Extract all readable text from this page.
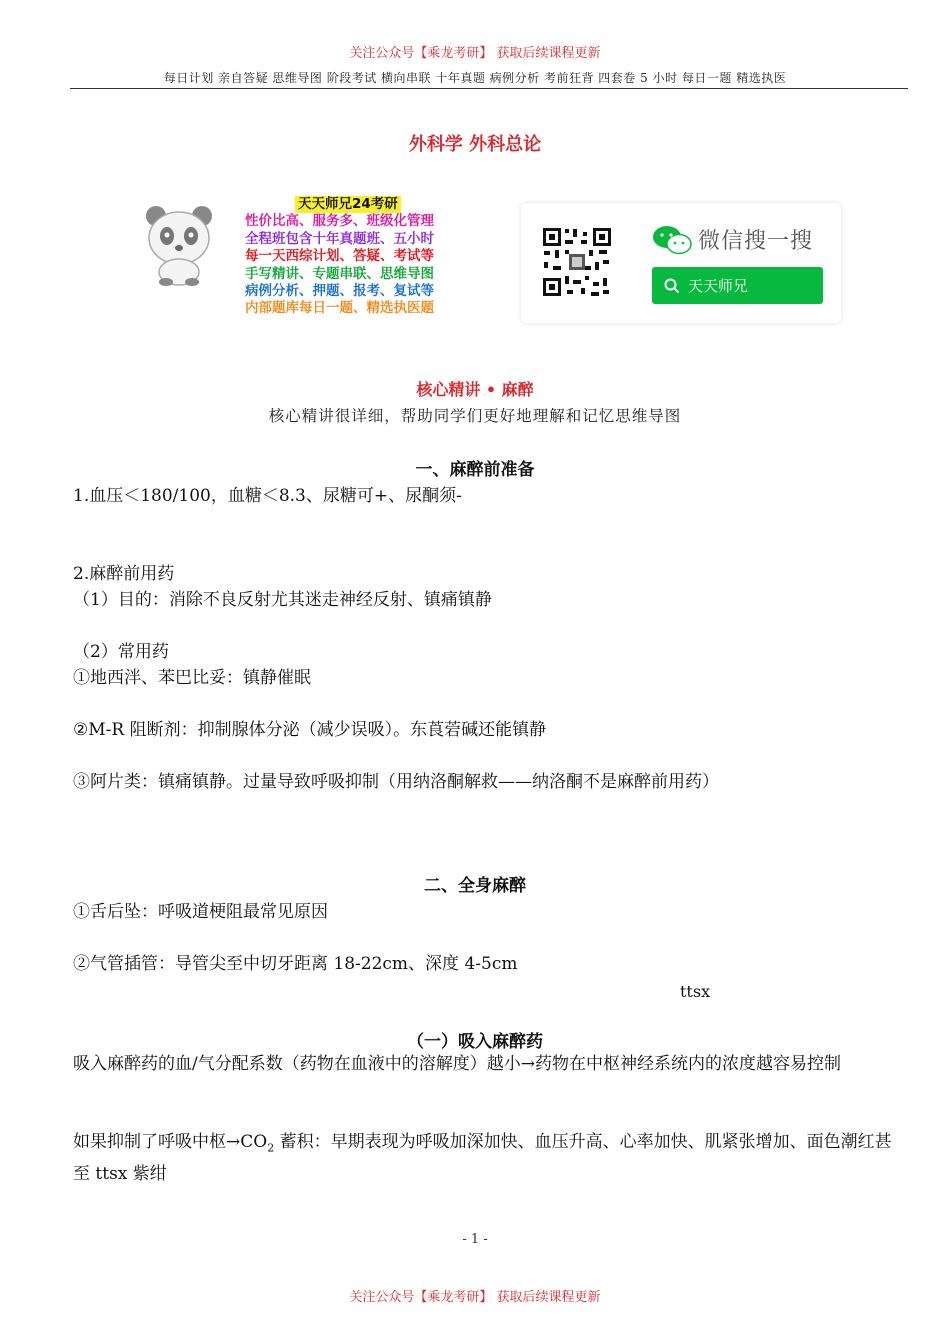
关注公众号【乘龙考研】 获取后续课程更新
每日计划 亲自答疑 思维导图 阶段考试 横向串联 十年真题 病例分析 考前狂背 四套卷 5 小时 每日一题 精选执医
外科学 外科总论
天天师兄24考研
性价比高、服务多、班级化管理
全程班包含十年真题班、五小时
每一天西综计划、答疑、考试等
手写精讲、专题串联、思维导图
病例分析、押题、报考、复试等
内部题库每日一题、精选执医题
微信搜一搜
天天师兄
核心精讲 • 麻醉
核心精讲很详细，帮助同学们更好地理解和记忆思维导图
一、麻醉前准备
1.血压＜180/100，血糖＜8.3、尿糖可+、尿酮须-
2.麻醉前用药
（1）目的：消除不良反射尤其迷走神经反射、镇痛镇静
（2）常用药
①地西泮、苯巴比妥：镇静催眠
②M-R 阻断剂：抑制腺体分泌（减少误吸）。东莨菪碱还能镇静
③阿片类：镇痛镇静。过量导致呼吸抑制（用纳洛酮解救——纳洛酮不是麻醉前用药）
二、全身麻醉
①舌后坠：呼吸道梗阻最常见原因
②气管插管：导管尖至中切牙距离 18-22cm、深度 4-5cm
ttsx
（一）吸入麻醉药
吸入麻醉药的血/气分配系数（药物在血液中的溶解度）越小→药物在中枢神经系统内的浓度越容易控制
如果抑制了呼吸中枢$\to CO_2$ 蓄积：早期表现为呼吸加深加快、血压升高、心率加快、肌紧张增加、面色潮红甚至 ttsx 紫绀
- 1 -
关注公众号【乘龙考研】 获取后续课程更新
